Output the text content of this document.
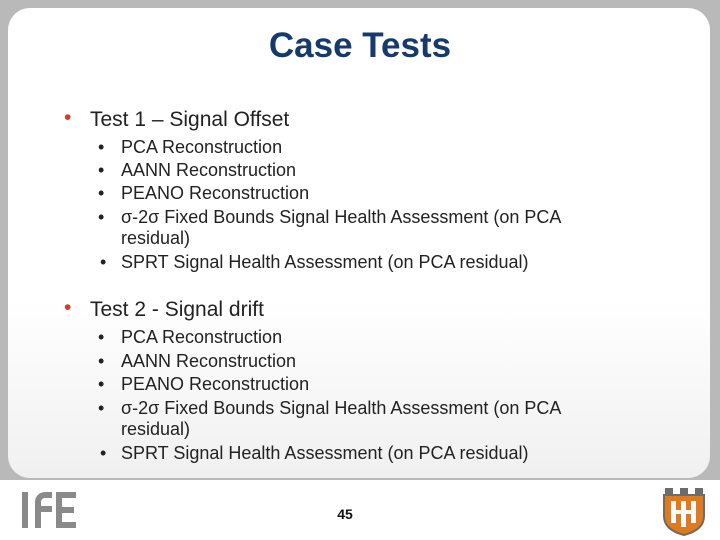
Case Tests
• Test 1 – Signal Offset
• PCA Reconstruction
• AANN Reconstruction
• PEANO Reconstruction
• σ-2σ Fixed Bounds Signal Health Assessment (on PCA
residual)
• SPRT Signal Health Assessment (on PCA residual)
• Test 2 - Signal drift
• PCA Reconstruction
• AANN Reconstruction
• PEANO Reconstruction
• σ-2σ Fixed Bounds Signal Health Assessment (on PCA
residual)
• SPRT Signal Health Assessment (on PCA residual)
45
